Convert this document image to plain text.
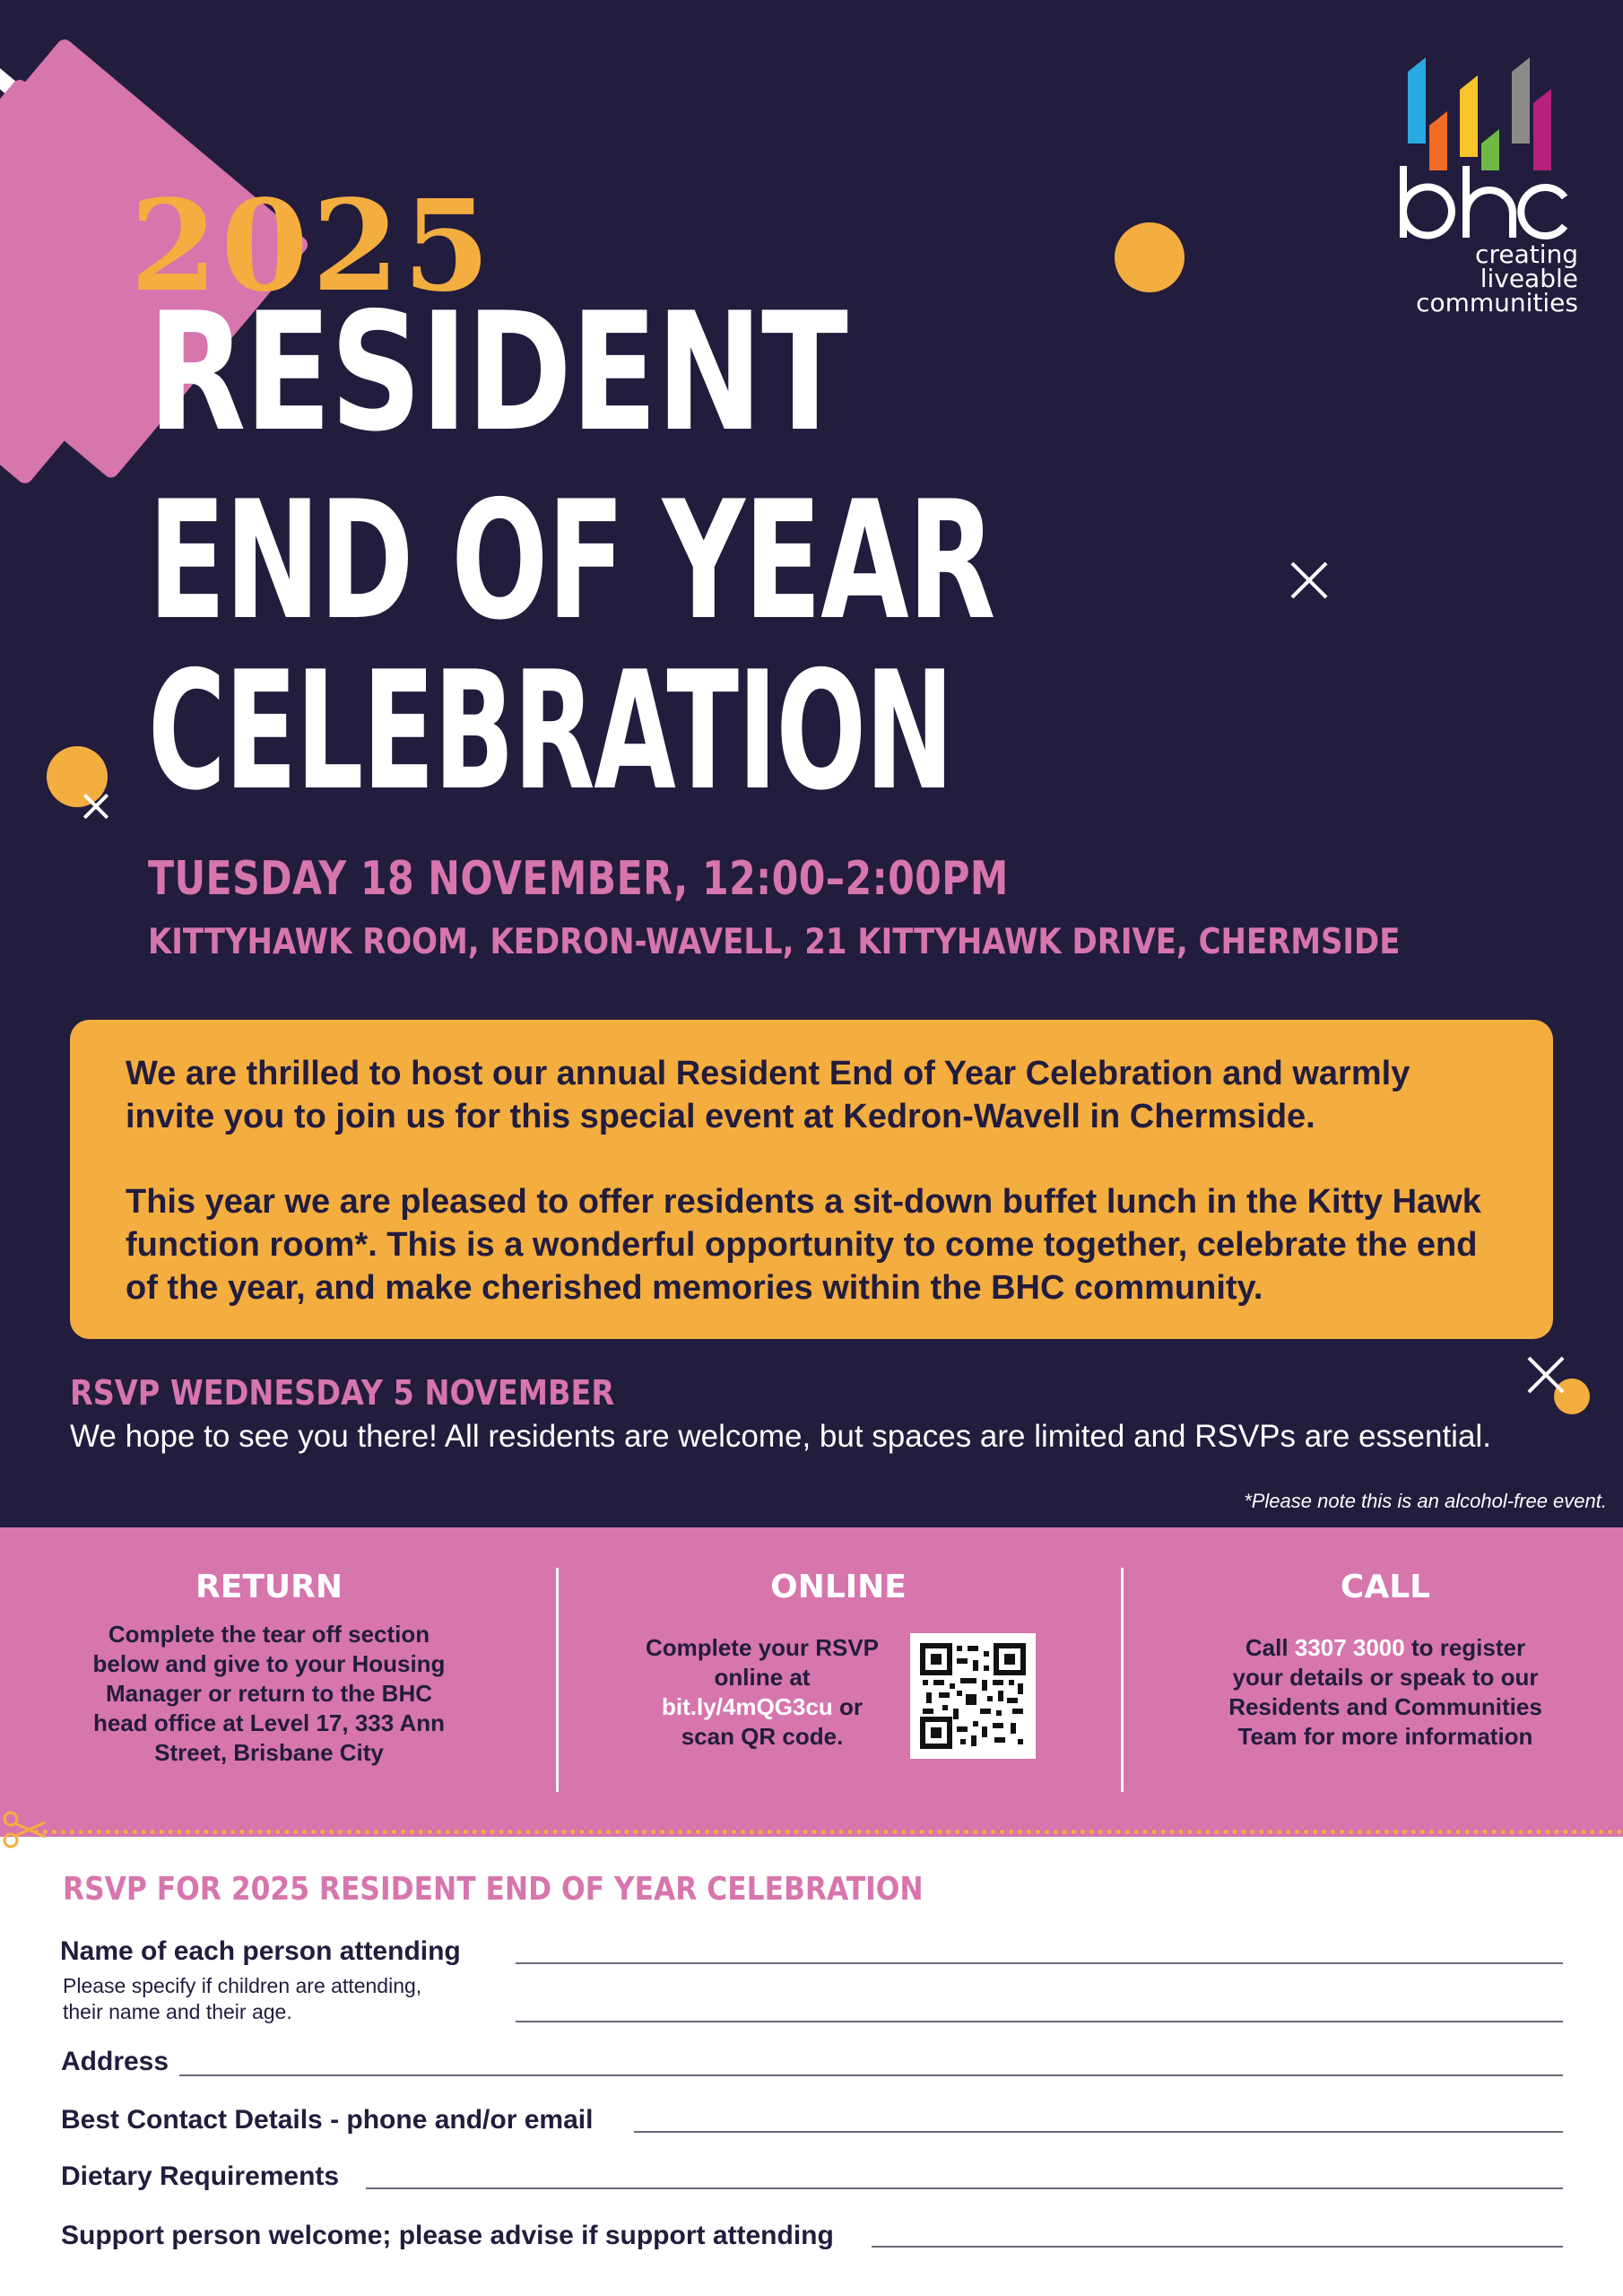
creating
liveable
communities
2025
RESIDENT
END OF YEAR
CELEBRATION
TUESDAY 18 NOVEMBER, 12:00–2:00PM
KITTYHAWK ROOM, KEDRON-WAVELL, 21 KITTYHAWK DRIVE, CHERMSIDE

We are thrilled to host our annual Resident End of Year Celebration and warmly invite you to join us for this special event at Kedron-Wavell in Chermside.

This year we are pleased to offer residents a sit-down buffet lunch in the Kitty Hawk function room*. This is a wonderful opportunity to come together, celebrate the end of the year, and make cherished memories within the BHC community.

RSVP WEDNESDAY 5 NOVEMBER
We hope to see you there! All residents are welcome, but spaces are limited and RSVPs are essential.
*Please note this is an alcohol-free event.
RETURN
Complete the tear off section
below and give to your Housing
Manager or return to the BHC
head office at Level 17, 333 Ann
Street, Brisbane City
ONLINE
Complete your RSVP
online at
bit.ly/4mQG3cu or
scan QR code.
CALL
Call 3307 3000 to register
your details or speak to our
Residents and Communities
Team for more information
RSVP FOR 2025 RESIDENT END OF YEAR CELEBRATION
Name of each person attending
Please specify if children are attending,
their name and their age.
Address
Best Contact Details - phone and/or email
Dietary Requirements
Support person welcome; please advise if support attending
